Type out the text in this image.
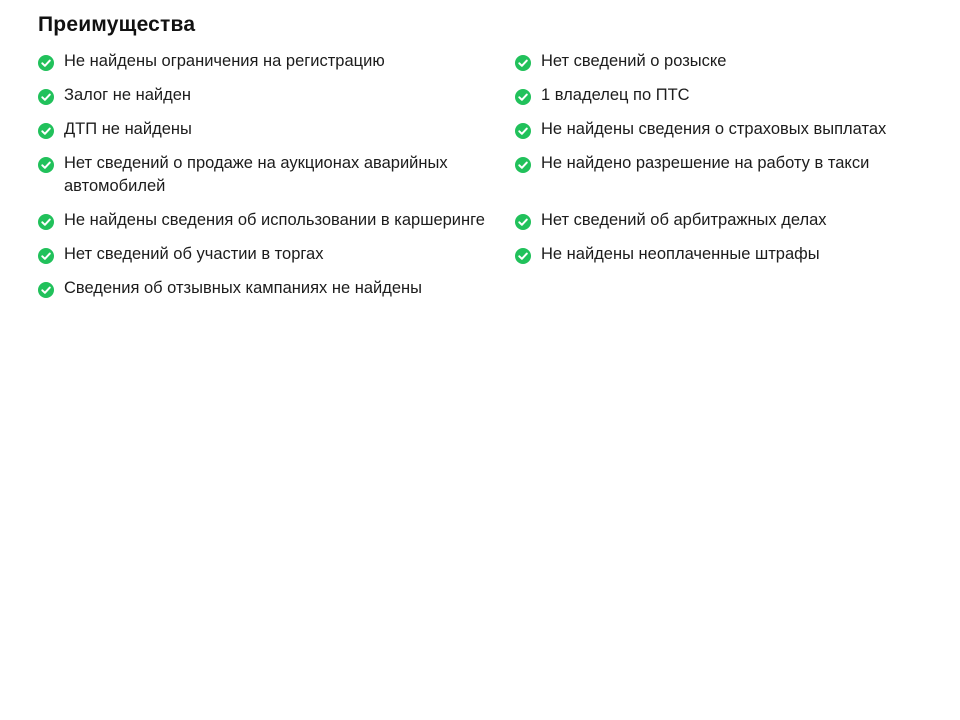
Преимущества
Не найдены ограничения на регистрацию	Нет сведений о розыске
Залог не найден	1 владелец по ПТС
ДТП не найдены	Не найдены сведения о страховых выплатах
Нет сведений о продаже на аукционах аварийных автомобилей
Не найдено разрешение на работу в такси
Не найдены сведения об использовании в каршеринге	Нет сведений об арбитражных делах
Нет сведений об участии в торгах	Не найдены неоплаченные штрафы
Сведения об отзывных кампаниях не найдены
